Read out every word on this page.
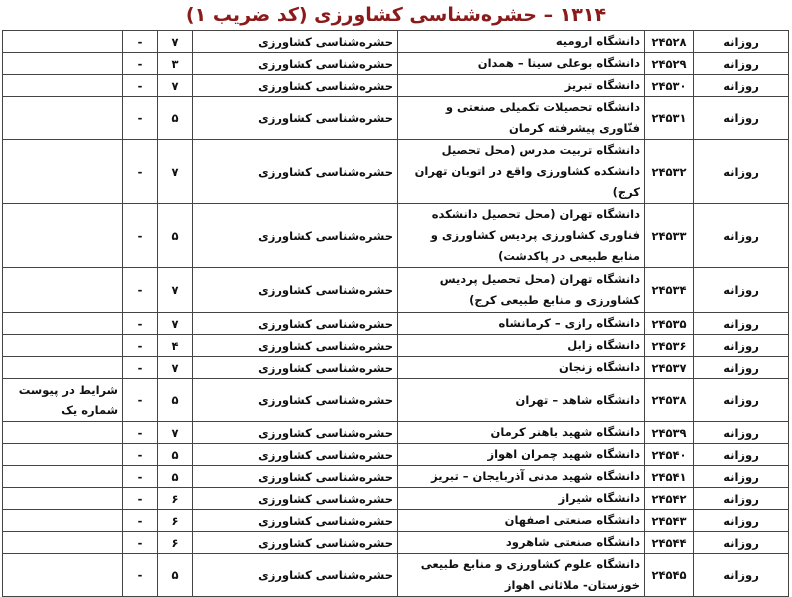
۱۳۱۴ – حشره‌شناسی کشاورزی (کد ضریب ۱)
روزانه	۲۴۵۲۸	دانشگاه ارومیه	حشره‌شناسی کشاورزی	۷	-	
روزانه	۲۴۵۲۹	دانشگاه بوعلی سینا – همدان	حشره‌شناسی کشاورزی	۳	-	
روزانه	۲۴۵۳۰	دانشگاه تبریز	حشره‌شناسی کشاورزی	۷	-	
روزانه	۲۴۵۳۱	دانشگاه تحصیلات تکمیلی صنعتی و فنّاوری پیشرفته کرمان	حشره‌شناسی کشاورزی	۵	-	
روزانه	۲۴۵۳۲	دانشگاه تربیت مدرس (محل تحصیل دانشکده کشاورزی واقع در اتوبان تهران کرج)	حشره‌شناسی کشاورزی	۷	-	
روزانه	۲۴۵۳۳	دانشگاه تهران (محل تحصیل دانشکده فناوری کشاورزی پردیس کشاورزی و منابع طبیعی در پاکدشت)	حشره‌شناسی کشاورزی	۵	-	
روزانه	۲۴۵۳۴	دانشگاه تهران (محل تحصیل پردیس کشاورزی و منابع طبیعی کرج)	حشره‌شناسی کشاورزی	۷	-	
روزانه	۲۴۵۳۵	دانشگاه رازی – کرمانشاه	حشره‌شناسی کشاورزی	۷	-	
روزانه	۲۴۵۳۶	دانشگاه زابل	حشره‌شناسی کشاورزی	۴	-	
روزانه	۲۴۵۳۷	دانشگاه زنجان	حشره‌شناسی کشاورزی	۷	-	
روزانه	۲۴۵۳۸	دانشگاه شاهد – تهران	حشره‌شناسی کشاورزی	۵	-	شرایط در پیوست شماره یک
روزانه	۲۴۵۳۹	دانشگاه شهید باهنر کرمان	حشره‌شناسی کشاورزی	۷	-	
روزانه	۲۴۵۴۰	دانشگاه شهید چمران اهواز	حشره‌شناسی کشاورزی	۵	-	
روزانه	۲۴۵۴۱	دانشگاه شهید مدنی آذربایجان – تبریز	حشره‌شناسی کشاورزی	۵	-	
روزانه	۲۴۵۴۲	دانشگاه شیراز	حشره‌شناسی کشاورزی	۶	-	
روزانه	۲۴۵۴۳	دانشگاه صنعتی اصفهان	حشره‌شناسی کشاورزی	۶	-	
روزانه	۲۴۵۴۴	دانشگاه صنعتی شاهرود	حشره‌شناسی کشاورزی	۶	-	
روزانه	۲۴۵۴۵	دانشگاه علوم کشاورزی و منابع طبیعی خوزستان- ملاثانی اهواز	حشره‌شناسی کشاورزی	۵	-	
